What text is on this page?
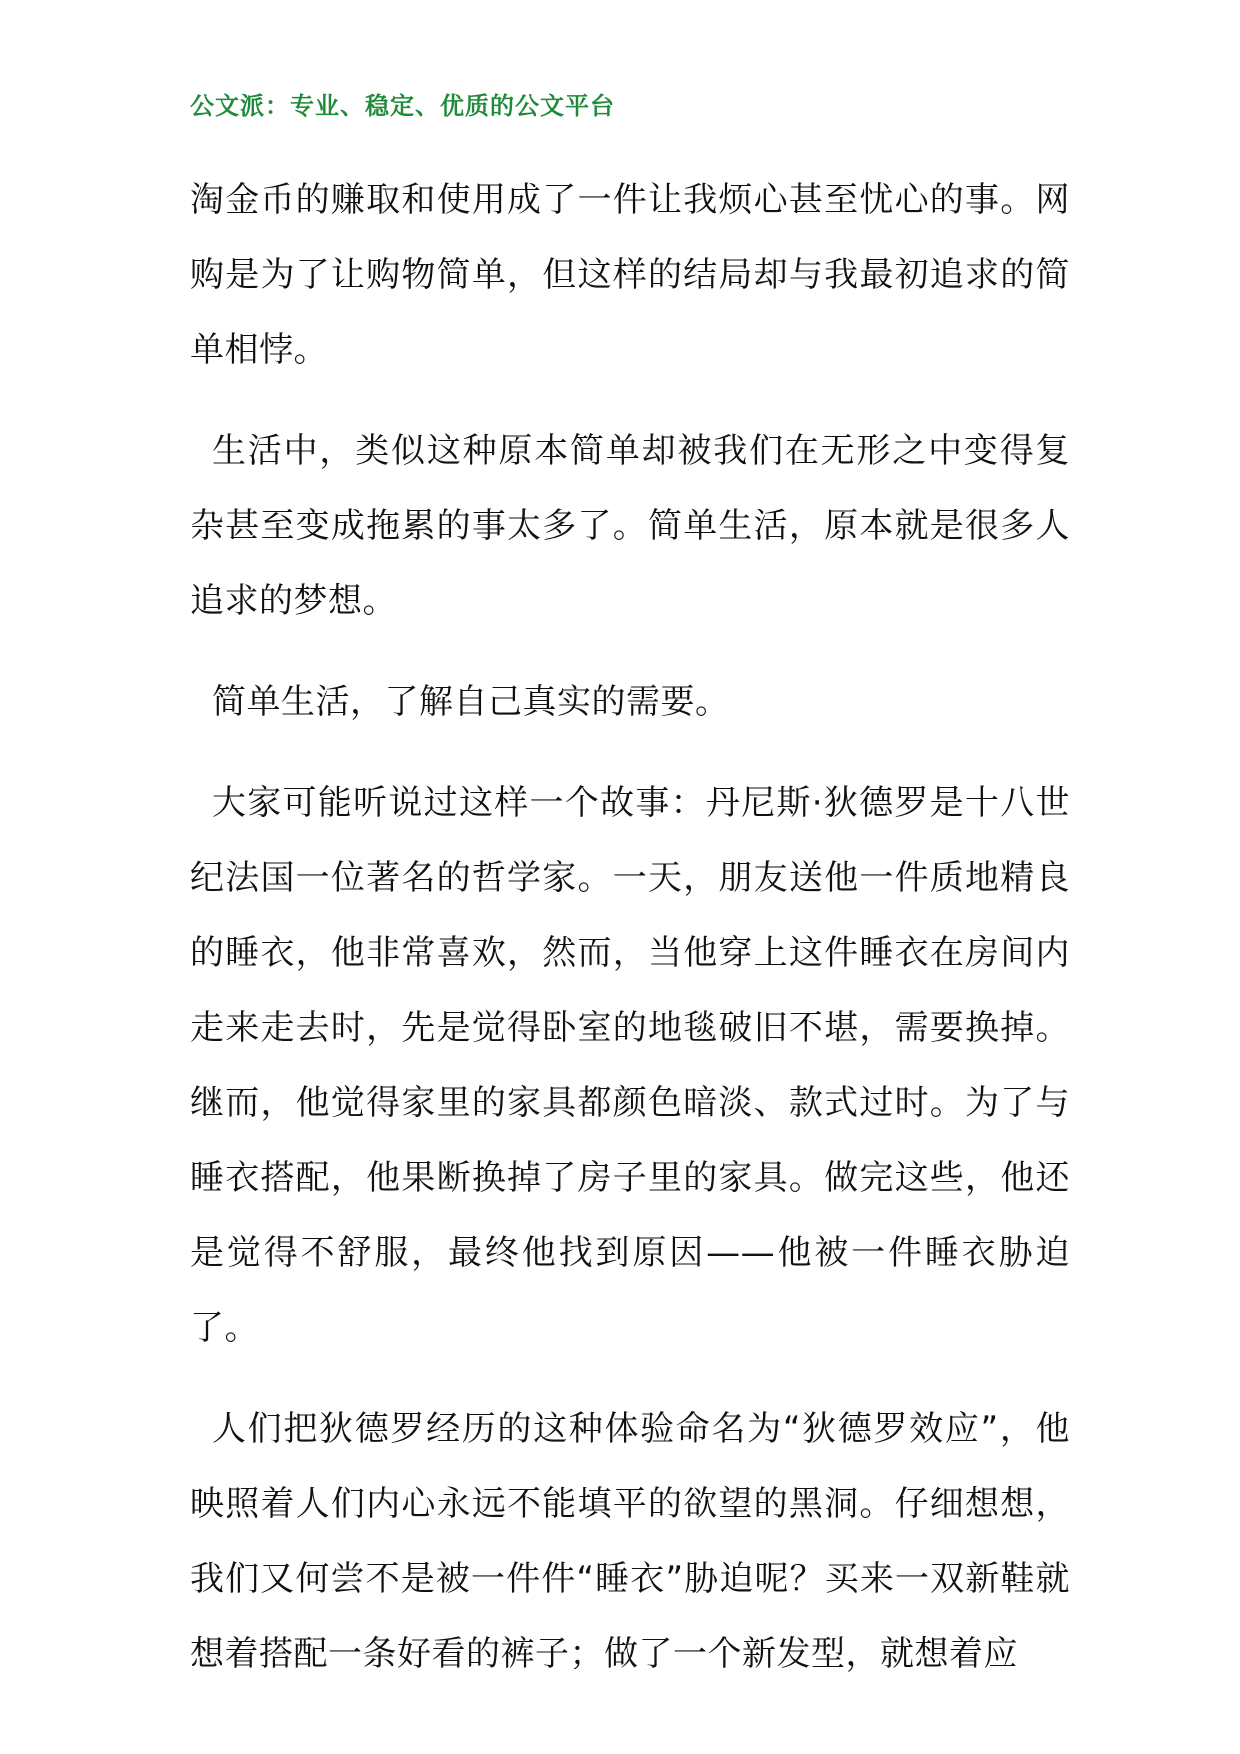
公文派：专业、稳定、优质的公文平台

淘金币的赚取和使用成了一件让我烦心甚至忧心的事。网购是为了让购物简单，但这样的结局却与我最初追求的简单相悖。

生活中，类似这种原本简单却被我们在无形之中变得复杂甚至变成拖累的事太多了。简单生活，原本就是很多人追求的梦想。

简单生活，了解自己真实的需要。

大家可能听说过这样一个故事：丹尼斯·狄德罗是十八世纪法国一位著名的哲学家。一天，朋友送他一件质地精良的睡衣，他非常喜欢，然而，当他穿上这件睡衣在房间内走来走去时，先是觉得卧室的地毯破旧不堪，需要换掉。继而，他觉得家里的家具都颜色暗淡、款式过时。为了与睡衣搭配，他果断换掉了房子里的家具。做完这些，他还是觉得不舒服，最终他找到原因——他被一件睡衣胁迫了。

人们把狄德罗经历的这种体验命名为“狄德罗效应”，他映照着人们内心永远不能填平的欲望的黑洞。仔细想想，我们又何尝不是被一件件“睡衣”胁迫呢？买来一双新鞋就想着搭配一条好看的裤子；做了一个新发型，就想着应
